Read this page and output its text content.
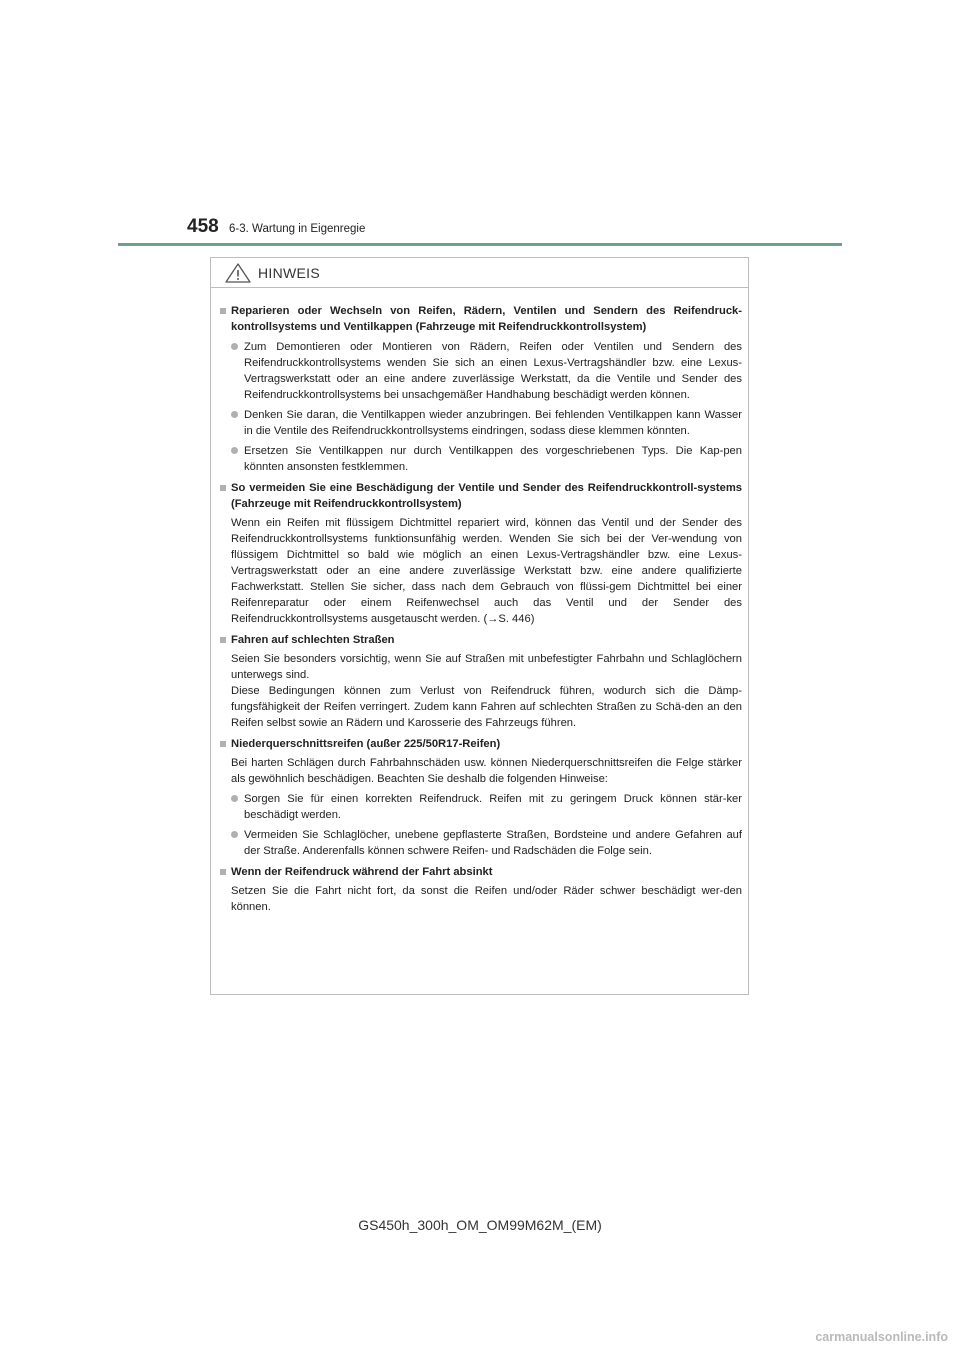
458 6-3. Wartung in Eigenregie
HINWEIS
Reparieren oder Wechseln von Reifen, Rädern, Ventilen und Sendern des Reifendruck-kontrollsystems und Ventilkappen (Fahrzeuge mit Reifendruckkontrollsystem)
Zum Demontieren oder Montieren von Rädern, Reifen oder Ventilen und Sendern des Reifendruckkontrollsystems wenden Sie sich an einen Lexus-Vertragshändler bzw. eine Lexus-Vertragswerkstatt oder an eine andere zuverlässige Werkstatt, da die Ventile und Sender des Reifendruckkontrollsystems bei unsachgemäßer Handhabung beschädigt werden können.
Denken Sie daran, die Ventilkappen wieder anzubringen. Bei fehlenden Ventilkappen kann Wasser in die Ventile des Reifendruckkontrollsystems eindringen, sodass diese klemmen könnten.
Ersetzen Sie Ventilkappen nur durch Ventilkappen des vorgeschriebenen Typs. Die Kap-pen könnten ansonsten festklemmen.
So vermeiden Sie eine Beschädigung der Ventile und Sender des Reifendruckkontroll-systems (Fahrzeuge mit Reifendruckkontrollsystem)
Wenn ein Reifen mit flüssigem Dichtmittel repariert wird, können das Ventil und der Sender des Reifendruckkontrollsystems funktionsunfähig werden. Wenden Sie sich bei der Ver-wendung von flüssigem Dichtmittel so bald wie möglich an einen Lexus-Vertragshändler bzw. eine Lexus-Vertragswerkstatt oder an eine andere zuverlässige Werkstatt bzw. eine andere qualifizierte Fachwerkstatt. Stellen Sie sicher, dass nach dem Gebrauch von flüssi-gem Dichtmittel bei einer Reifenreparatur oder einem Reifenwechsel auch das Ventil und der Sender des Reifendruckkontrollsystems ausgetauscht werden. (→S. 446)
Fahren auf schlechten Straßen
Seien Sie besonders vorsichtig, wenn Sie auf Straßen mit unbefestigter Fahrbahn und Schlaglöchern unterwegs sind.
Diese Bedingungen können zum Verlust von Reifendruck führen, wodurch sich die Dämp-fungsfähigkeit der Reifen verringert. Zudem kann Fahren auf schlechten Straßen zu Schä-den an den Reifen selbst sowie an Rädern und Karosserie des Fahrzeugs führen.
Niederquerschnittsreifen (außer 225/50R17-Reifen)
Bei harten Schlägen durch Fahrbahnschäden usw. können Niederquerschnittsreifen die Felge stärker als gewöhnlich beschädigen. Beachten Sie deshalb die folgenden Hinweise:
Sorgen Sie für einen korrekten Reifendruck. Reifen mit zu geringem Druck können stär-ker beschädigt werden.
Vermeiden Sie Schlaglöcher, unebene gepflasterte Straßen, Bordsteine und andere Gefahren auf der Straße. Anderenfalls können schwere Reifen- und Radschäden die Folge sein.
Wenn der Reifendruck während der Fahrt absinkt
Setzen Sie die Fahrt nicht fort, da sonst die Reifen und/oder Räder schwer beschädigt wer-den können.
GS450h_300h_OM_OM99M62M_(EM)
carmanualsonline.info
